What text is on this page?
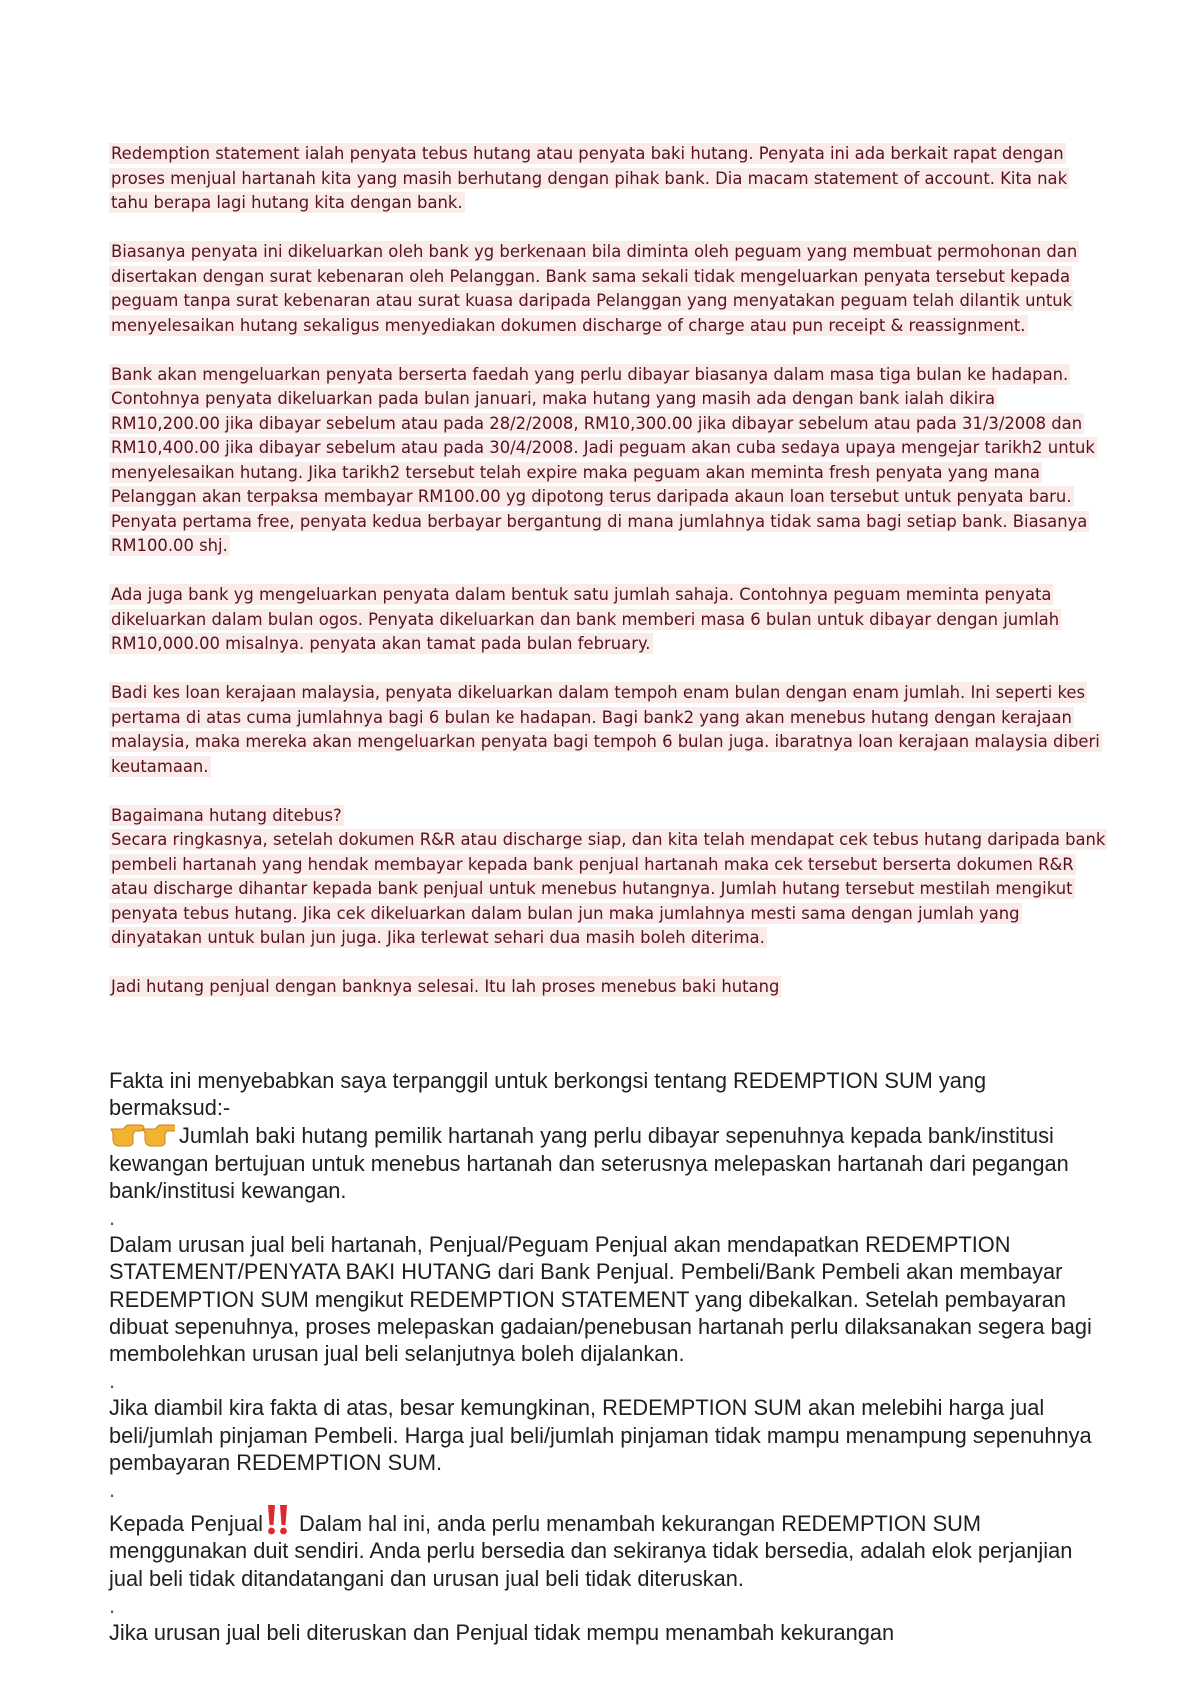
Redemption statement ialah penyata tebus hutang atau penyata baki hutang. Penyata ini ada berkait rapat dengan proses menjual hartanah kita yang masih berhutang dengan pihak bank. Dia macam statement of account. Kita nak tahu berapa lagi hutang kita dengan bank.

Biasanya penyata ini dikeluarkan oleh bank yg berkenaan bila diminta oleh peguam yang membuat permohonan dan disertakan dengan surat kebenaran oleh Pelanggan. Bank sama sekali tidak mengeluarkan penyata tersebut kepada peguam tanpa surat kebenaran atau surat kuasa daripada Pelanggan yang menyatakan peguam telah dilantik untuk menyelesaikan hutang sekaligus menyediakan dokumen discharge of charge atau pun receipt & reassignment.

Bank akan mengeluarkan penyata berserta faedah yang perlu dibayar biasanya dalam masa tiga bulan ke hadapan. Contohnya penyata dikeluarkan pada bulan januari, maka hutang yang masih ada dengan bank ialah dikira RM10,200.00 jika dibayar sebelum atau pada 28/2/2008, RM10,300.00 jika dibayar sebelum atau pada 31/3/2008 dan RM10,400.00 jika dibayar sebelum atau pada 30/4/2008. Jadi peguam akan cuba sedaya upaya mengejar tarikh2 untuk menyelesaikan hutang. Jika tarikh2 tersebut telah expire maka peguam akan meminta fresh penyata yang mana Pelanggan akan terpaksa membayar RM100.00 yg dipotong terus daripada akaun loan tersebut untuk penyata baru. Penyata pertama free, penyata kedua berbayar bergantung di mana jumlahnya tidak sama bagi setiap bank. Biasanya RM100.00 shj.

Ada juga bank yg mengeluarkan penyata dalam bentuk satu jumlah sahaja. Contohnya peguam meminta penyata dikeluarkan dalam bulan ogos. Penyata dikeluarkan dan bank memberi masa 6 bulan untuk dibayar dengan jumlah RM10,000.00 misalnya. penyata akan tamat pada bulan february.

Badi kes loan kerajaan malaysia, penyata dikeluarkan dalam tempoh enam bulan dengan enam jumlah. Ini seperti kes pertama di atas cuma jumlahnya bagi 6 bulan ke hadapan. Bagi bank2 yang akan menebus hutang dengan kerajaan malaysia, maka mereka akan mengeluarkan penyata bagi tempoh 6 bulan juga. ibaratnya loan kerajaan malaysia diberi keutamaan.

Bagaimana hutang ditebus?
Secara ringkasnya, setelah dokumen R&R atau discharge siap, dan kita telah mendapat cek tebus hutang daripada bank pembeli hartanah yang hendak membayar kepada bank penjual hartanah maka cek tersebut berserta dokumen R&R atau discharge dihantar kepada bank penjual untuk menebus hutangnya. Jumlah hutang tersebut mestilah mengikut penyata tebus hutang. Jika cek dikeluarkan dalam bulan jun maka jumlahnya mesti sama dengan jumlah yang dinyatakan untuk bulan jun juga. Jika terlewat sehari dua masih boleh diterima.

Jadi hutang penjual dengan banknya selesai. Itu lah proses menebus baki hutang

Fakta ini menyebabkan saya terpanggil untuk berkongsi tentang REDEMPTION SUM yang bermaksud:-

Jumlah baki hutang pemilik hartanah yang perlu dibayar sepenuhnya kepada bank/institusi kewangan bertujuan untuk menebus hartanah dan seterusnya melepaskan hartanah dari pegangan bank/institusi kewangan.

.

Dalam urusan jual beli hartanah, Penjual/Peguam Penjual akan mendapatkan REDEMPTION STATEMENT/PENYATA BAKI HUTANG dari Bank Penjual. Pembeli/Bank Pembeli akan membayar REDEMPTION SUM mengikut REDEMPTION STATEMENT yang dibekalkan. Setelah pembayaran dibuat sepenuhnya, proses melepaskan gadaian/penebusan hartanah perlu dilaksanakan segera bagi membolehkan urusan jual beli selanjutnya boleh dijalankan.

.

Jika diambil kira fakta di atas, besar kemungkinan, REDEMPTION SUM akan melebihi harga jual beli/jumlah pinjaman Pembeli. Harga jual beli/jumlah pinjaman tidak mampu menampung sepenuhnya pembayaran REDEMPTION SUM.

.

Kepada Penjual Dalam hal ini, anda perlu menambah kekurangan REDEMPTION SUM menggunakan duit sendiri. Anda perlu bersedia dan sekiranya tidak bersedia, adalah elok perjanjian jual beli tidak ditandatangani dan urusan jual beli tidak diteruskan.

.

Jika urusan jual beli diteruskan dan Penjual tidak mempu menambah kekurangan
